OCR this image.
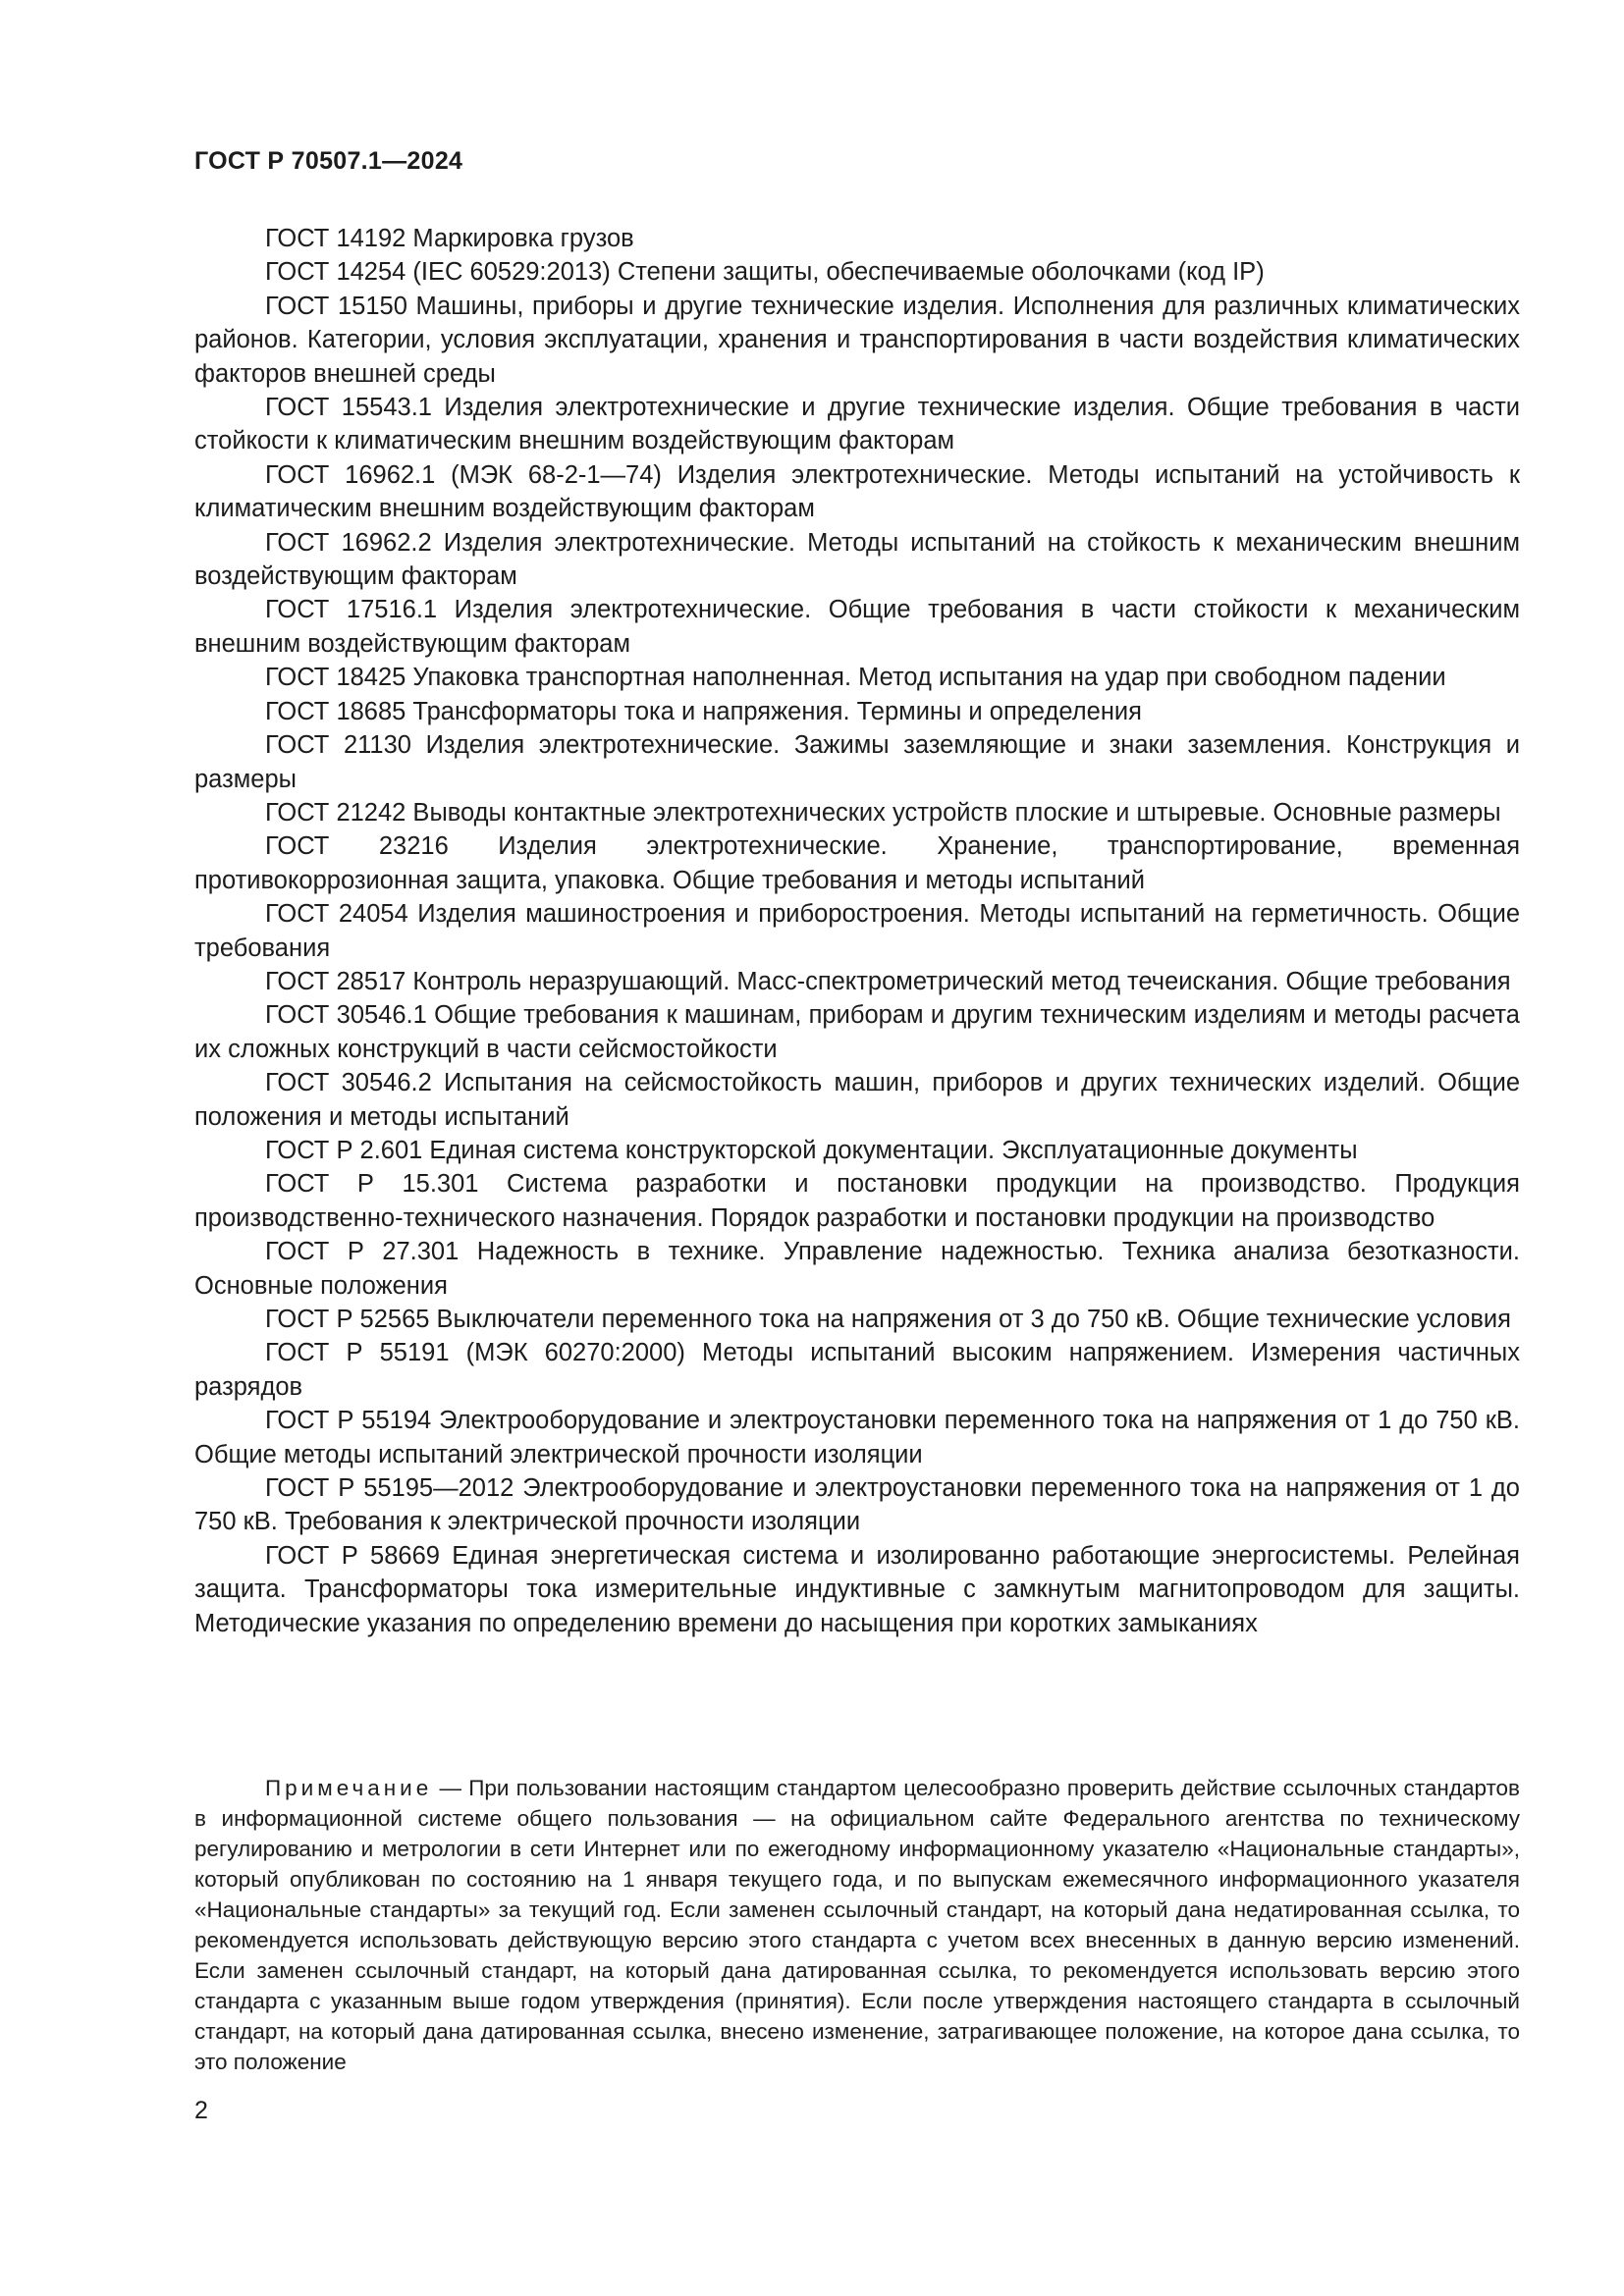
ГОСТ Р 70507.1—2024

ГОСТ 14192 Маркировка грузов

ГОСТ 14254 (IEC 60529:2013) Степени защиты, обеспечиваемые оболочками (код IP)

ГОСТ 15150 Машины, приборы и другие технические изделия. Исполнения для различных климатических районов. Категории, условия эксплуатации, хранения и транспортирования в части воздействия климатических факторов внешней среды

ГОСТ 15543.1 Изделия электротехнические и другие технические изделия. Общие требования в части стойкости к климатическим внешним воздействующим факторам

ГОСТ 16962.1 (МЭК 68-2-1—74) Изделия электротехнические. Методы испытаний на устойчивость к климатическим внешним воздействующим факторам

ГОСТ 16962.2 Изделия электротехнические. Методы испытаний на стойкость к механическим внешним воздействующим факторам

ГОСТ 17516.1 Изделия электротехнические. Общие требования в части стойкости к механическим внешним воздействующим факторам

ГОСТ 18425 Упаковка транспортная наполненная. Метод испытания на удар при свободном падении

ГОСТ 18685 Трансформаторы тока и напряжения. Термины и определения

ГОСТ 21130 Изделия электротехнические. Зажимы заземляющие и знаки заземления. Конструкция и размеры

ГОСТ 21242 Выводы контактные электротехнических устройств плоские и штыревые. Основные размеры

ГОСТ 23216 Изделия электротехнические. Хранение, транспортирование, временная противокоррозионная защита, упаковка. Общие требования и методы испытаний

ГОСТ 24054 Изделия машиностроения и приборостроения. Методы испытаний на герметичность. Общие требования

ГОСТ 28517 Контроль неразрушающий. Масс-спектрометрический метод течеискания. Общие требования

ГОСТ 30546.1 Общие требования к машинам, приборам и другим техническим изделиям и методы расчета их сложных конструкций в части сейсмостойкости

ГОСТ 30546.2 Испытания на сейсмостойкость машин, приборов и других технических изделий. Общие положения и методы испытаний

ГОСТ Р 2.601 Единая система конструкторской документации. Эксплуатационные документы

ГОСТ Р 15.301 Система разработки и постановки продукции на производство. Продукция производственно-технического назначения. Порядок разработки и постановки продукции на производство

ГОСТ Р 27.301 Надежность в технике. Управление надежностью. Техника анализа безотказности. Основные положения

ГОСТ Р 52565 Выключатели переменного тока на напряжения от 3 до 750 кВ. Общие технические условия

ГОСТ Р 55191 (МЭК 60270:2000) Методы испытаний высоким напряжением. Измерения частичных разрядов

ГОСТ Р 55194 Электрооборудование и электроустановки переменного тока на напряжения от 1 до 750 кВ. Общие методы испытаний электрической прочности изоляции

ГОСТ Р 55195—2012 Электрооборудование и электроустановки переменного тока на напряжения от 1 до 750 кВ. Требования к электрической прочности изоляции

ГОСТ Р 58669 Единая энергетическая система и изолированно работающие энергосистемы. Релейная защита. Трансформаторы тока измерительные индуктивные с замкнутым магнитопроводом для защиты. Методические указания по определению времени до насыщения при коротких замыканиях

Примечание — При пользовании настоящим стандартом целесообразно проверить действие ссылочных стандартов в информационной системе общего пользования — на официальном сайте Федерального агентства по техническому регулированию и метрологии в сети Интернет или по ежегодному информационному указателю «Национальные стандарты», который опубликован по состоянию на 1 января текущего года, и по выпускам ежемесячного информационного указателя «Национальные стандарты» за текущий год. Если заменен ссылочный стандарт, на который дана недатированная ссылка, то рекомендуется использовать действующую версию этого стандарта с учетом всех внесенных в данную версию изменений. Если заменен ссылочный стандарт, на который дана датированная ссылка, то рекомендуется использовать версию этого стандарта с указанным выше годом утверждения (принятия). Если после утверждения настоящего стандарта в ссылочный стандарт, на который дана датированная ссылка, внесено изменение, затрагивающее положение, на которое дана ссылка, то это положение

2
